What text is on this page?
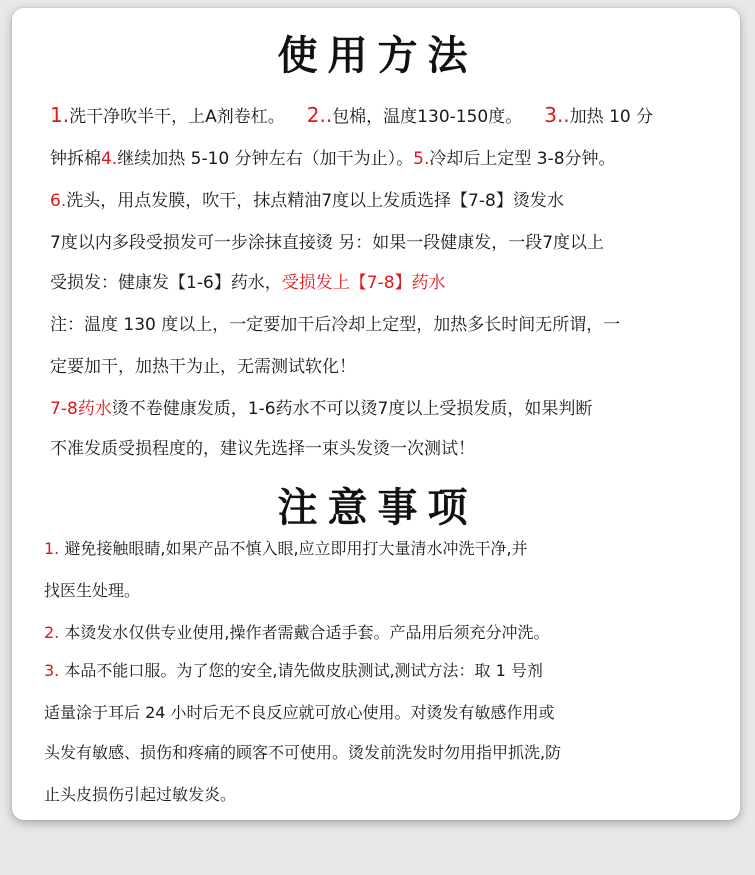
使用方法
1.洗干净吹半干，上A剂卷杠。 2..包棉，温度130-150度。 3..加热 10 分
钟拆棉4.继续加热 5-10 分钟左右（加干为止）。5.冷却后上定型 3-8分钟。
6.洗头，用点发膜，吹干，抹点精油7度以上发质选择【7-8】烫发水
7度以内多段受损发可一步涂抹直接烫 另：如果一段健康发，一段7度以上
受损发：健康发【1-6】药水，受损发上【7-8】药水
注：温度 130 度以上，一定要加干后冷却上定型，加热多长时间无所谓，一
定要加干，加热干为止，无需测试软化！
7-8药水烫不卷健康发质，1-6药水不可以烫7度以上受损发质，如果判断
不准发质受损程度的，建议先选择一束头发烫一次测试！
注意事项
1. 避免接触眼睛,如果产品不慎入眼,应立即用打大量清水冲洗干净,并
找医生处理。
2. 本烫发水仅供专业使用,操作者需戴合适手套。产品用后须充分冲洗。
3. 本品不能口服。为了您的安全,请先做皮肤测试,测试方法：取 1 号剂
适量涂于耳后 24 小时后无不良反应就可放心使用。对烫发有敏感作用或
头发有敏感、损伤和疼痛的顾客不可使用。烫发前洗发时勿用指甲抓洗,防
止头皮损伤引起过敏发炎。
